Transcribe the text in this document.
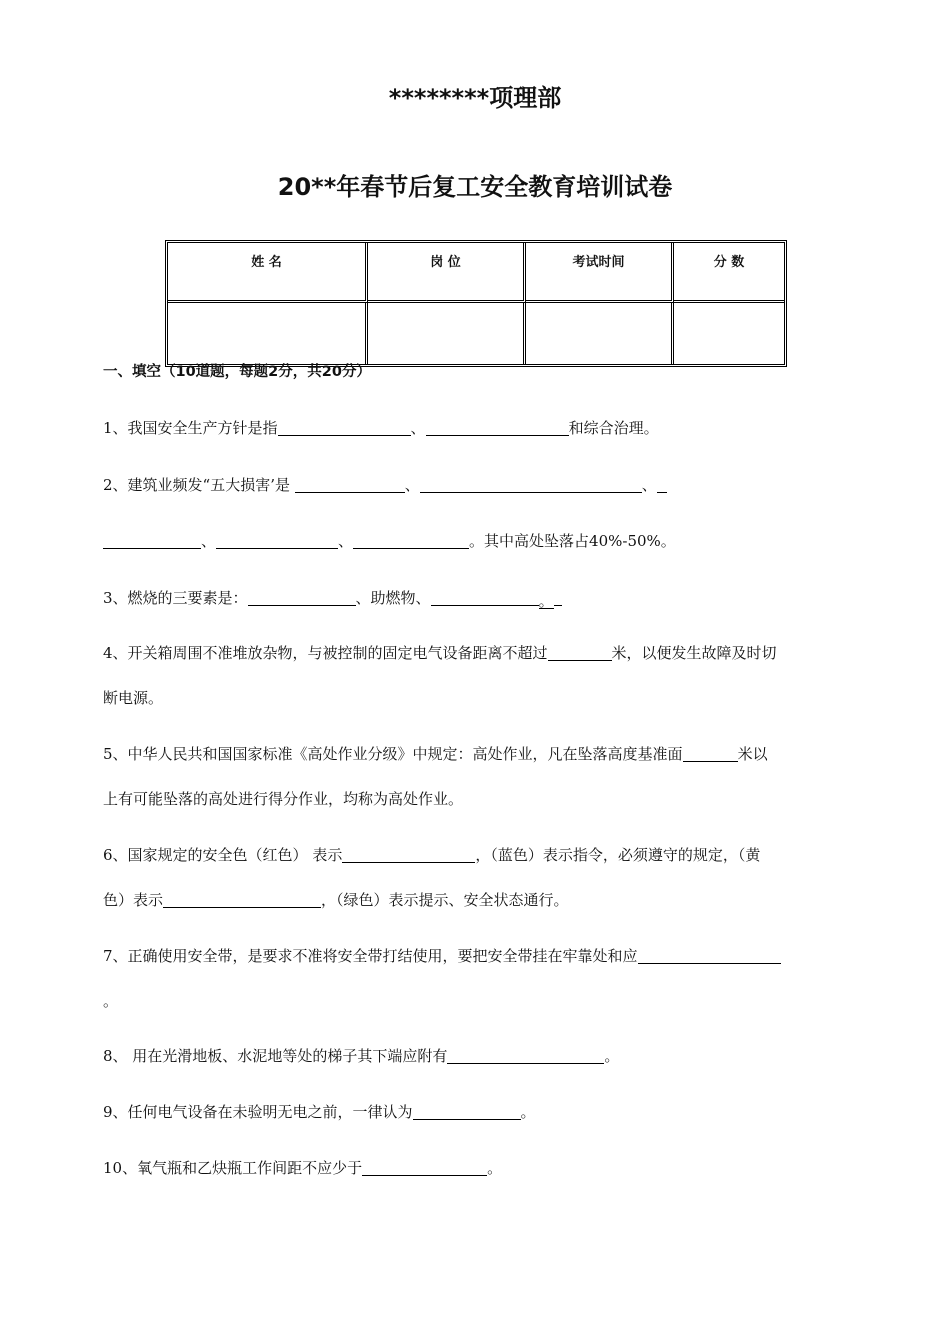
********项理部
20**年春节后复工安全教育培训试卷
姓 名	岗 位	考试时间	分 数

一、填空（10道题，每题2分，共20分）

1、我国安全生产方针是指	、	和综合治理。

2、建筑业频发“五大损害’是	、	、

、	、	。其中高处坠落占40%-50%。

3、燃烧的三要素是：	、助燃物、	。

4、开关箱周围不准堆放杂物，与被控制的固定电气设备距离不超过	米，以便发生故障及时切

断电源。

5、中华人民共和国国家标准《高处作业分级》中规定：高处作业，凡在坠落高度基准面	米以

上有可能坠落的高处进行得分作业，均称为高处作业。

6、国家规定的安全色（红色） 表示	，（蓝色）表示指令，必须遵守的规定，（黄

色）表示	，（绿色）表示提示、安全状态通行。

7、正确使用安全带，是要求不准将安全带打结使用，要把安全带挂在牢靠处和应

。

8、 用在光滑地板、水泥地等处的梯子其下端应附有	。

9、任何电气设备在未验明无电之前，一律认为	。

10、氧气瓶和乙炔瓶工作间距不应少于	。
